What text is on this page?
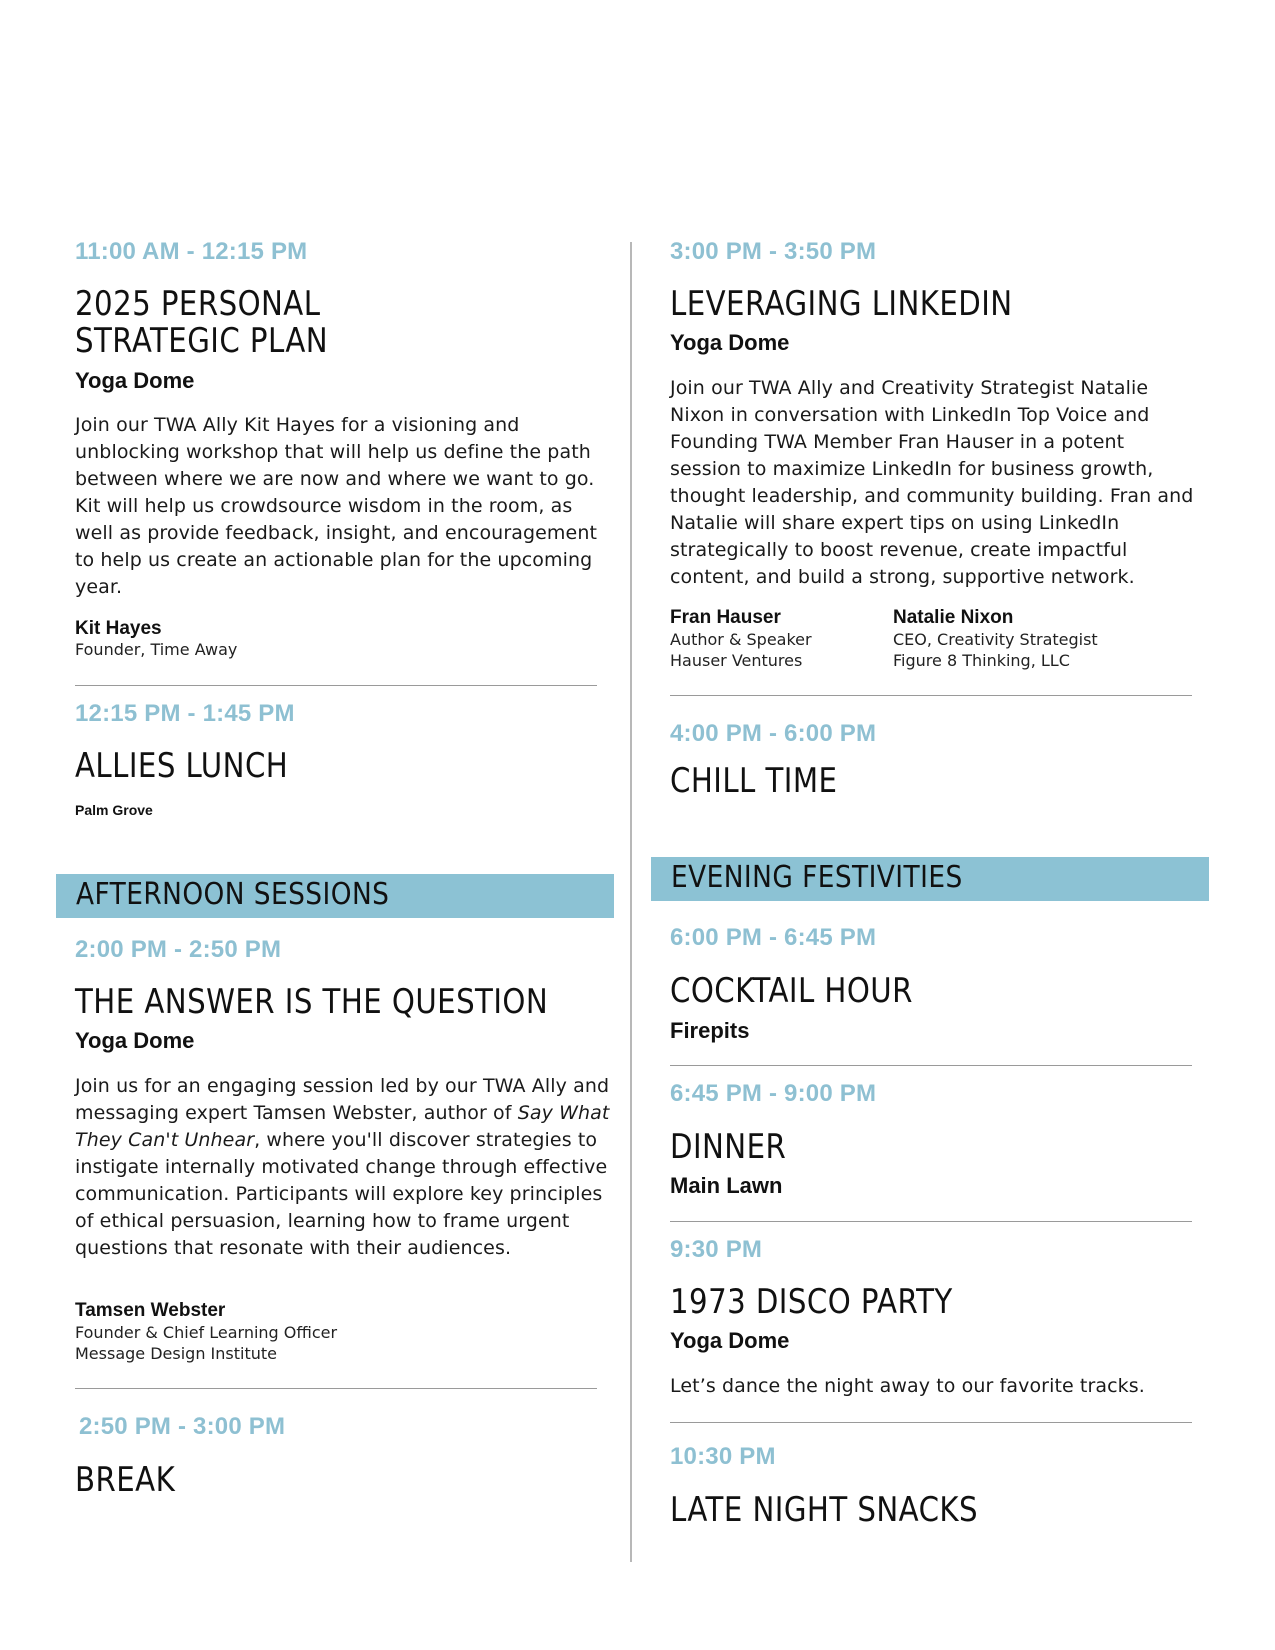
11:00 AM - 12:15 PM
2025 PERSONAL
STRATEGIC PLAN
Yoga Dome

Join our TWA Ally Kit Hayes for a visioning and unblocking workshop that will help us define the path between where we are now and where we want to go. Kit will help us crowdsource wisdom in the room, as well as provide feedback, insight, and encouragement to help us create an actionable plan for the upcoming year.

Kit Hayes
Founder, Time Away
12:15 PM - 1:45 PM
ALLIES LUNCH
Palm Grove
AFTERNOON SESSIONS
2:00 PM - 2:50 PM
THE ANSWER IS THE QUESTION
Yoga Dome

Join us for an engaging session led by our TWA Ally and messaging expert Tamsen Webster, author of Say What They Can't Unhear, where you'll discover strategies to instigate internally motivated change through effective communication. Participants will explore key principles of ethical persuasion, learning how to frame urgent questions that resonate with their audiences.

Tamsen Webster
Founder & Chief Learning Officer
Message Design Institute
2:50 PM - 3:00 PM
BREAK
3:00 PM - 3:50 PM
LEVERAGING LINKEDIN
Yoga Dome

Join our TWA Ally and Creativity Strategist Natalie Nixon in conversation with LinkedIn Top Voice and Founding TWA Member Fran Hauser in a potent session to maximize LinkedIn for business growth, thought leadership, and community building. Fran and Natalie will share expert tips on using LinkedIn strategically to boost revenue, create impactful content, and build a strong, supportive network.

Fran Hauser
Author & Speaker
Hauser Ventures
Natalie Nixon
CEO, Creativity Strategist
Figure 8 Thinking, LLC
4:00 PM - 6:00 PM
CHILL TIME
EVENING FESTIVITIES
6:00 PM - 6:45 PM
COCKTAIL HOUR
Firepits
6:45 PM - 9:00 PM
DINNER
Main Lawn
9:30 PM
1973 DISCO PARTY
Yoga Dome

Let’s dance the night away to our favorite tracks.

10:30 PM
LATE NIGHT SNACKS
